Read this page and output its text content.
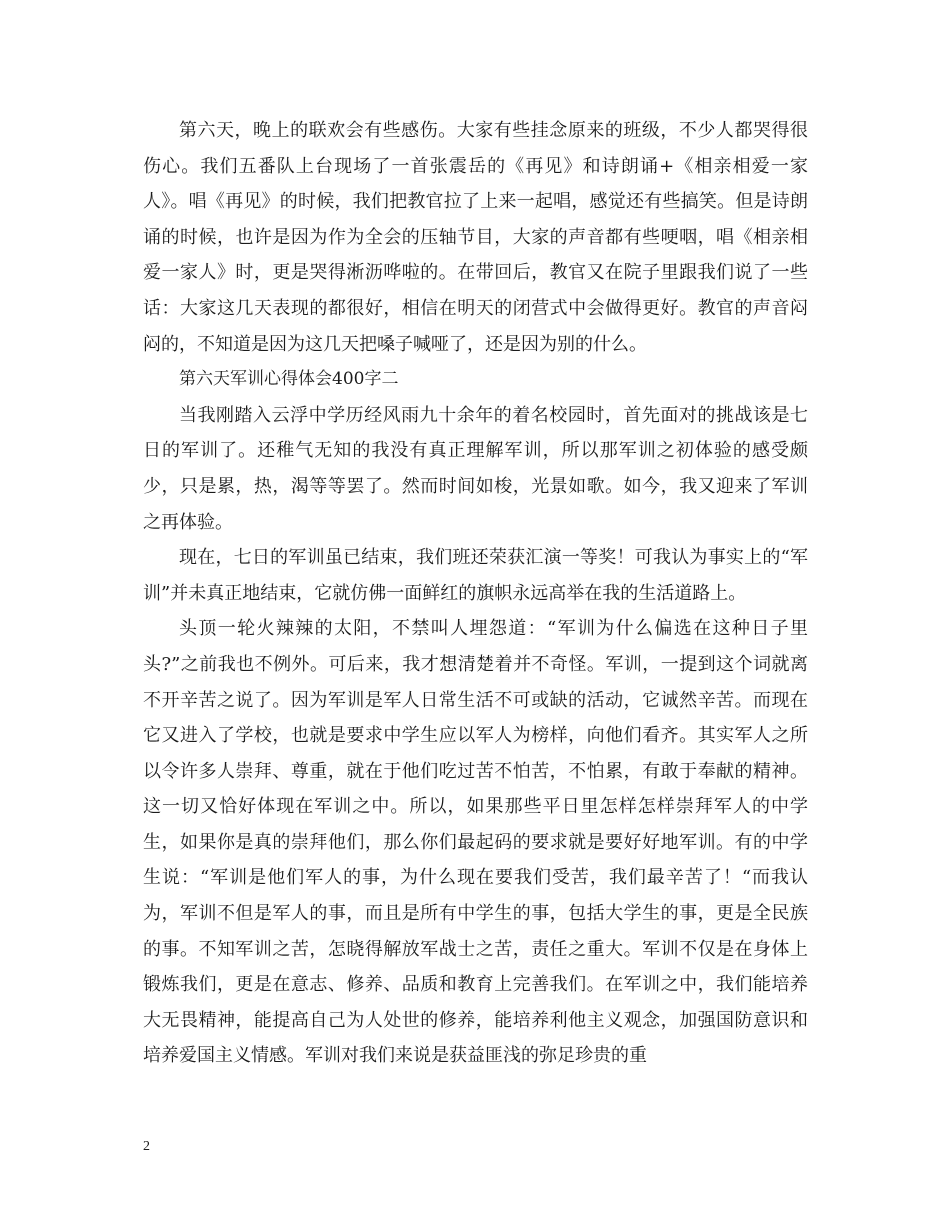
第六天，晚上的联欢会有些感伤。大家有些挂念原来的班级，不少人都哭得很伤心。我们五番队上台现场了一首张震岳的《再见》和诗朗诵+《相亲相爱一家人》。唱《再见》的时候，我们把教官拉了上来一起唱，感觉还有些搞笑。但是诗朗诵的时候，也许是因为作为全会的压轴节目，大家的声音都有些哽咽，唱《相亲相爱一家人》时，更是哭得淅沥哗啦的。在带回后，教官又在院子里跟我们说了一些话：大家这几天表现的都很好，相信在明天的闭营式中会做得更好。教官的声音闷闷的，不知道是因为这几天把嗓子喊哑了，还是因为别的什么。

第六天军训心得体会400字二

当我刚踏入云浮中学历经风雨九十余年的着名校园时，首先面对的挑战该是七日的军训了。还稚气无知的我没有真正理解军训，所以那军训之初体验的感受颇少，只是累，热，渴等等罢了。然而时间如梭，光景如歌。如今，我又迎来了军训之再体验。

现在，七日的军训虽已结束，我们班还荣获汇演一等奖！可我认为事实上的“军训”并未真正地结束，它就仿佛一面鲜红的旗帜永远高举在我的生活道路上。

头顶一轮火辣辣的太阳，不禁叫人埋怨道：“军训为什么偏选在这种日子里头?”之前我也不例外。可后来，我才想清楚着并不奇怪。军训，一提到这个词就离不开辛苦之说了。因为军训是军人日常生活不可或缺的活动，它诚然辛苦。而现在它又进入了学校，也就是要求中学生应以军人为榜样，向他们看齐。其实军人之所以令许多人崇拜、尊重，就在于他们吃过苦不怕苦，不怕累，有敢于奉献的精神。这一切又恰好体现在军训之中。所以，如果那些平日里怎样怎样崇拜军人的中学生，如果你是真的崇拜他们，那么你们最起码的要求就是要好好地军训。有的中学生说：“军训是他们军人的事，为什么现在要我们受苦，我们最辛苦了！“而我认为，军训不但是军人的事，而且是所有中学生的事，包括大学生的事，更是全民族的事。不知军训之苦，怎晓得解放军战士之苦，责任之重大。军训不仅是在身体上锻炼我们，更是在意志、修养、品质和教育上完善我们。在军训之中，我们能培养大无畏精神，能提高自己为人处世的修养，能培养利他主义观念，加强国防意识和培养爱国主义情感。军训对我们来说是获益匪浅的弥足珍贵的重

2
